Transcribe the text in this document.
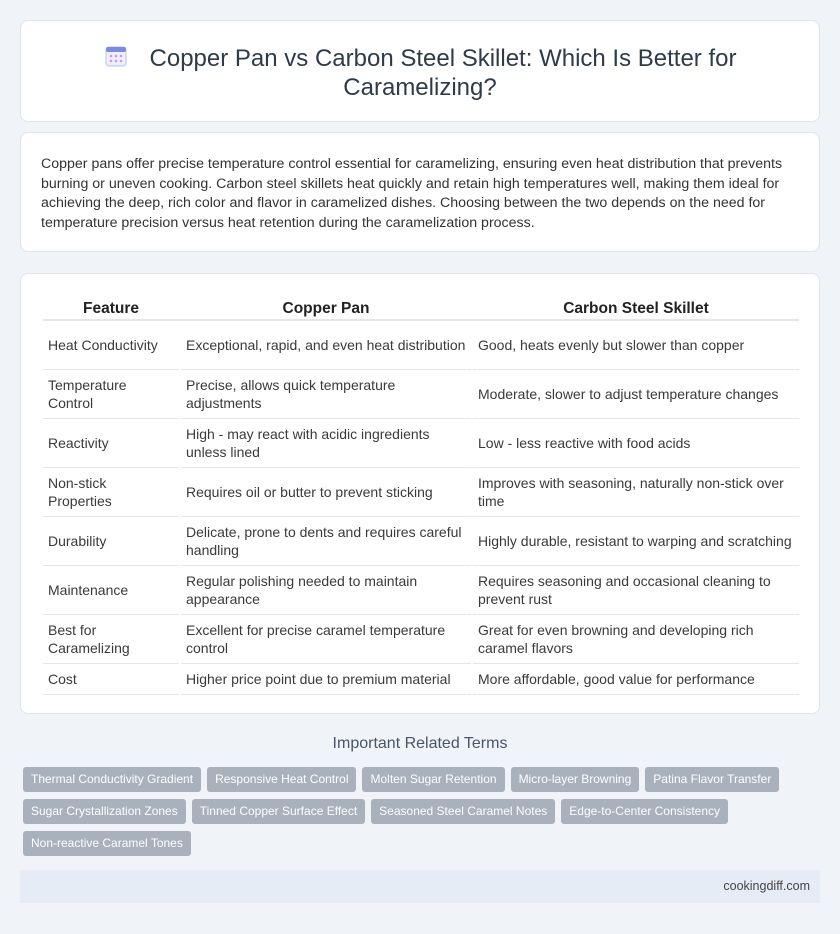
Copper Pan vs Carbon Steel Skillet: Which Is Better for
Caramelizing?

Copper pans offer precise temperature control essential for caramelizing, ensuring even heat distribution that prevents burning or uneven cooking. Carbon steel skillets heat quickly and retain high temperatures well, making them ideal for achieving the deep, rich color and flavor in caramelized dishes. Choosing between the two depends on the need for temperature precision versus heat retention during the caramelization process.

Feature	Copper Pan	Carbon Steel Skillet
Heat Conductivity	Exceptional, rapid, and even heat distribution	Good, heats evenly but slower than copper
Temperature Control	Precise, allows quick temperature adjustments	Moderate, slower to adjust temperature changes
Reactivity	High - may react with acidic ingredients unless lined	Low - less reactive with food acids
Non-stick Properties	Requires oil or butter to prevent sticking	Improves with seasoning, naturally non-stick over time
Durability	Delicate, prone to dents and requires careful handling	Highly durable, resistant to warping and scratching
Maintenance	Regular polishing needed to maintain appearance	Requires seasoning and occasional cleaning to prevent rust
Best for Caramelizing	Excellent for precise caramel temperature control	Great for even browning and developing rich caramel flavors
Cost	Higher price point due to premium material	More affordable, good value for performance
Important Related Terms
Thermal Conductivity Gradient	Responsive Heat Control	Molten Sugar Retention	Micro-layer Browning	Patina Flavor Transfer
Sugar Crystallization Zones	Tinned Copper Surface Effect	Seasoned Steel Caramel Notes	Edge-to-Center Consistency
Non-reactive Caramel Tones
cookingdiff.com
